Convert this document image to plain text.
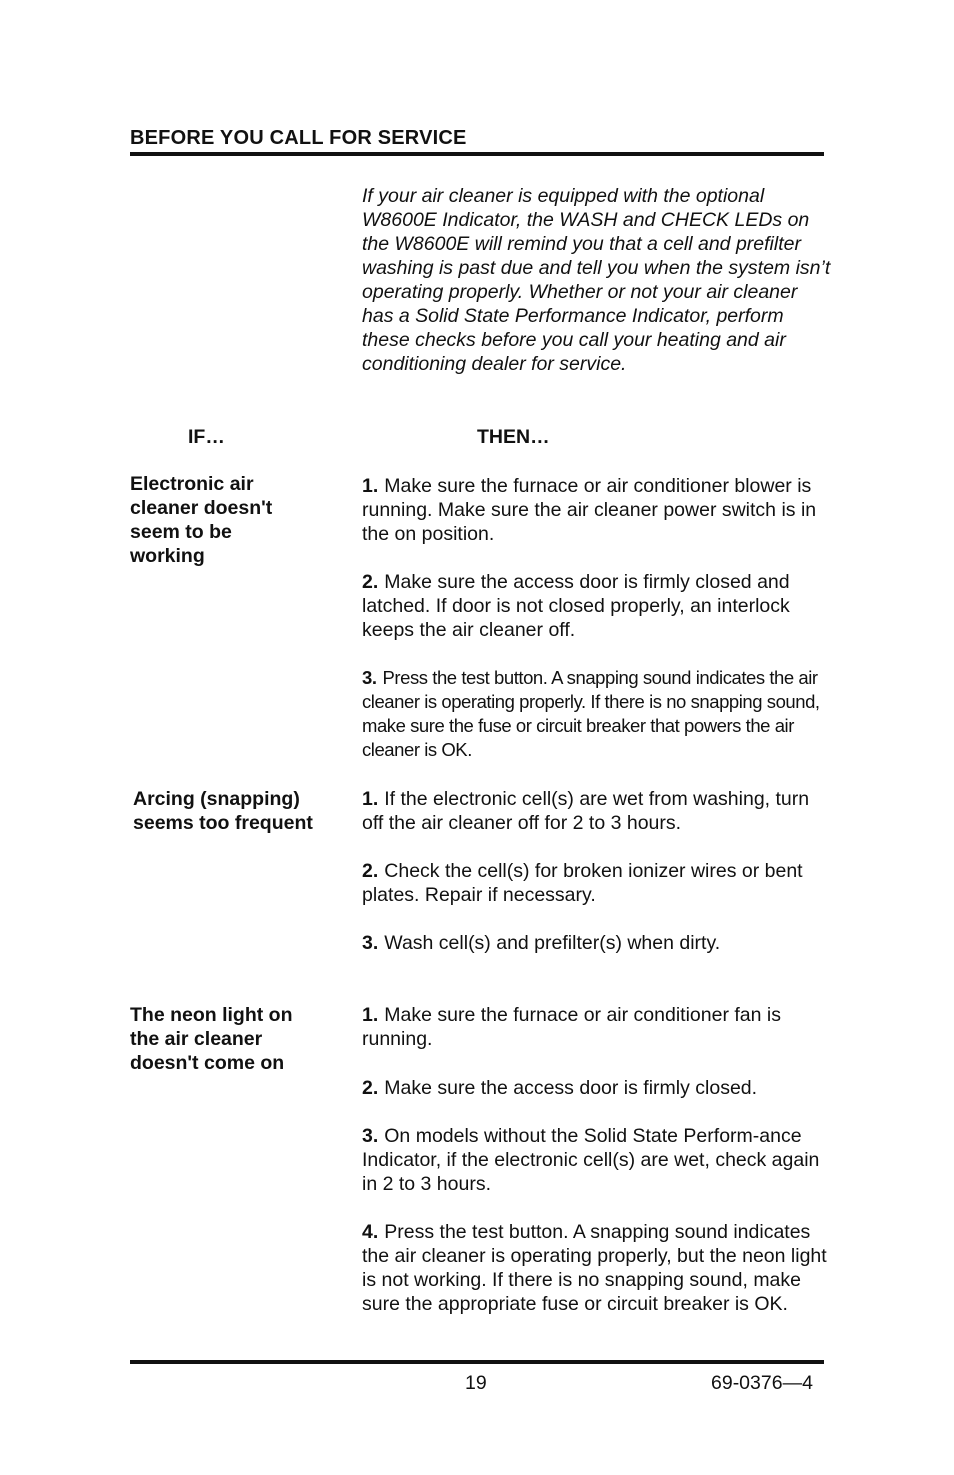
BEFORE YOU CALL FOR SERVICE
If your air cleaner is equipped with the optional W8600E Indicator, the WASH and CHECK LEDs on the W8600E will remind you that a cell and prefilter washing is past due and tell you when the system isn’t operating properly. Whether or not your air cleaner has a Solid State Performance Indicator, perform these checks before you call your heating and air conditioning dealer for service.
IF…	THEN…
Electronic air cleaner doesn't seem to be working
1. Make sure the furnace or air conditioner blower is running. Make sure the air cleaner power switch is in the on position.
2. Make sure the access door is firmly closed and latched. If door is not closed properly, an interlock keeps the air cleaner off.
3. Press the test button. A snapping sound indicates the air cleaner is operating properly. If there is no snapping sound, make sure the fuse or circuit breaker that powers the air cleaner is OK.
Arcing (snapping) seems too frequent
1. If the electronic cell(s) are wet from washing, turn off the air cleaner off for 2 to 3 hours.
2. Check the cell(s) for broken ionizer wires or bent plates. Repair if necessary.
3. Wash cell(s) and prefilter(s) when dirty.
The neon light on the air cleaner doesn't come on
1. Make sure the furnace or air conditioner fan is running.
2. Make sure the access door is firmly closed.
3. On models without the Solid State Perform-ance Indicator, if the electronic cell(s) are wet, check again in 2 to 3 hours.
4. Press the test button. A snapping sound indicates the air cleaner is operating properly, but the neon light is not working. If there is no snapping sound, make sure the appropriate fuse or circuit breaker is OK.
19	69-0376—4
